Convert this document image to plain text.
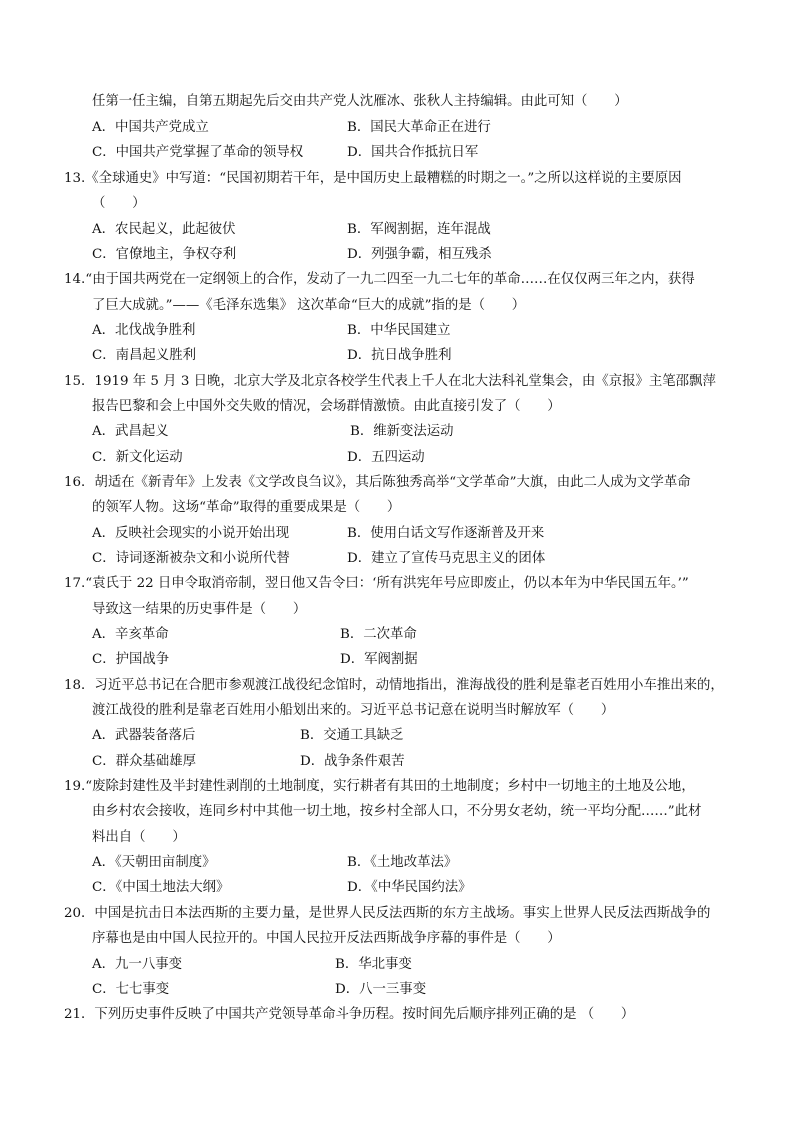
任第一任主编，自第五期起先后交由共产党人沈雁冰、张秋人主持编辑。由此可知（　　）
A．中国共产党成立	B．国民大革命正在进行
C．中国共产党掌握了革命的领导权	D．国共合作抵抗日军
13.《全球通史》中写道：“民国初期若干年，是中国历史上最糟糕的时期之一。”之所以这样说的主要原因
（　　）
A．农民起义，此起彼伏	B．军阀割据，连年混战
C．官僚地主，争权夺利	D．列强争霸，相互残杀
14.“由于国共两党在一定纲领上的合作，发动了一九二四至一九二七年的革命……在仅仅两三年之内，获得
了巨大成就。”——《毛泽东选集》 这次革命“巨大的成就”指的是（　　）
A．北伐战争胜利	B．中华民国建立
C．南昌起义胜利	D．抗日战争胜利
15．1919 年 5 月 3 日晚，北京大学及北京各校学生代表上千人在北大法科礼堂集会，由《京报》主笔邵飘萍
报告巴黎和会上中国外交失败的情况，会场群情激愤。由此直接引发了（　　）
A．武昌起义	B．维新变法运动
C．新文化运动	D．五四运动
16．胡适在《新青年》上发表《文学改良刍议》，其后陈独秀高举“文学革命”大旗，由此二人成为文学革命
的领军人物。这场“革命”取得的重要成果是（　　）
A．反映社会现实的小说开始出现	B．使用白话文写作逐渐普及开来
C．诗词逐渐被杂文和小说所代替	D．建立了宣传马克思主义的团体
17.“袁氏于 22 日申令取消帝制，翌日他又告令曰：‘所有洪宪年号应即废止，仍以本年为中华民国五年。’”
导致这一结果的历史事件是（　　）
A．辛亥革命	B．二次革命
C．护国战争	D．军阀割据
18．习近平总书记在合肥市参观渡江战役纪念馆时，动情地指出，淮海战役的胜利是靠老百姓用小车推出来的，
渡江战役的胜利是靠老百姓用小船划出来的。习近平总书记意在说明当时解放军（　　）
A．武器装备落后	B．交通工具缺乏
C．群众基础雄厚	D．战争条件艰苦
19.“废除封建性及半封建性剥削的土地制度，实行耕者有其田的土地制度；乡村中一切地主的土地及公地，
由乡村农会接收，连同乡村中其他一切土地，按乡村全部人口，不分男女老幼，统一平均分配……”此材
料出自（　　）
A．《天朝田亩制度》	B．《土地改革法》
C．《中国土地法大纲》	D．《中华民国约法》
20．中国是抗击日本法西斯的主要力量，是世界人民反法西斯的东方主战场。事实上世界人民反法西斯战争的
序幕也是由中国人民拉开的。中国人民拉开反法西斯战争序幕的事件是（　　）
A．九一八事变	B．华北事变
C．七七事变	D．八一三事变
21．下列历史事件反映了中国共产党领导革命斗争历程。按时间先后顺序排列正确的是 （　　）
